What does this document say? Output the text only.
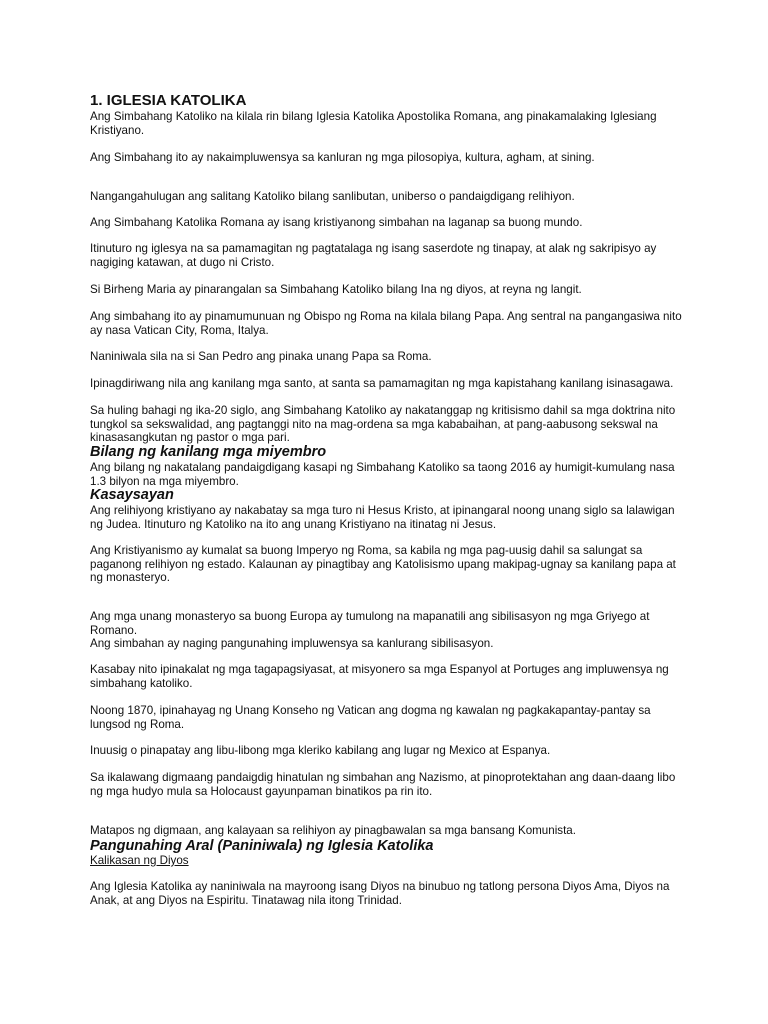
1. IGLESIA KATOLIKA

Ang Simbahang Katoliko na kilala rin bilang Iglesia Katolika Apostolika Romana, ang pinakamalaking Iglesiang Kristiyano.

Ang Simbahang ito ay nakaimpluwensya sa kanluran ng mga pilosopiya, kultura, agham, at sining.

Nangangahulugan ang salitang Katoliko bilang sanlibutan, uniberso o pandaigdigang relihiyon.

Ang Simbahang Katolika Romana ay isang kristiyanong simbahan na laganap sa buong mundo.

Itinuturo ng iglesya na sa pamamagitan ng pagtatalaga ng isang saserdote ng tinapay, at alak ng sakripisyo ay nagiging katawan, at dugo ni Cristo.

Si Birheng Maria ay pinarangalan sa Simbahang Katoliko bilang Ina ng diyos, at reyna ng langit.

Ang simbahang ito ay pinamumunuan ng Obispo ng Roma na kilala bilang Papa. Ang sentral na pangangasiwa nito ay nasa Vatican City, Roma, Italya.

Naniniwala sila na si San Pedro ang pinaka unang Papa sa Roma.

Ipinagdiriwang nila ang kanilang mga santo, at santa sa pamamagitan ng mga kapistahang kanilang isinasagawa.

Sa huling bahagi ng ika-20 siglo, ang Simbahang Katoliko ay nakatanggap ng kritisismo dahil sa mga doktrina nito tungkol sa sekswalidad, ang pagtanggi nito na mag-ordena sa mga kababaihan, at pang-aabusong sekswal na kinasasangkutan ng pastor o mga pari.

Bilang ng kanilang mga miyembro

Ang bilang ng nakatalang pandaigdigang kasapi ng Simbahang Katoliko sa taong 2016 ay humigit-kumulang nasa 1.3 bilyon na mga miyembro.

Kasaysayan

Ang relihiyong kristiyano ay nakabatay sa mga turo ni Hesus Kristo, at ipinangaral noong unang siglo sa lalawigan ng Judea. Itinuturo ng Katoliko na ito ang unang Kristiyano na itinatag ni Jesus.

Ang Kristiyanismo ay kumalat sa buong Imperyo ng Roma, sa kabila ng mga pag-uusig dahil sa salungat sa paganong relihiyon ng estado. Kalaunan ay pinagtibay ang Katolisismo upang makipag-ugnay sa kanilang papa at ng monasteryo.

Ang mga unang monasteryo sa buong Europa ay tumulong na mapanatili ang sibilisasyon ng mga Griyego at Romano.

Ang simbahan ay naging pangunahing impluwensya sa kanlurang sibilisasyon.

Kasabay nito ipinakalat ng mga tagapagsiyasat, at misyonero sa mga Espanyol at Portuges ang impluwensya ng simbahang katoliko.

Noong 1870, ipinahayag ng Unang Konseho ng Vatican ang dogma ng kawalan ng pagkakapantay-pantay sa lungsod ng Roma.

Inuusig o pinapatay ang libu-libong mga kleriko kabilang ang lugar ng Mexico at Espanya.

Sa ikalawang digmaang pandaigdig hinatulan ng simbahan ang Nazismo, at pinoprotektahan ang daan-daang libo ng mga hudyo mula sa Holocaust gayunpaman binatikos pa rin ito.

Matapos ng digmaan, ang kalayaan sa relihiyon ay pinagbawalan sa mga bansang Komunista.

Pangunahing Aral (Paniniwala) ng Iglesia Katolika

Kalikasan ng Diyos

Ang Iglesia Katolika ay naniniwala na mayroong isang Diyos na binubuo ng tatlong persona Diyos Ama, Diyos na Anak, at ang Diyos na Espiritu. Tinatawag nila itong Trinidad.
